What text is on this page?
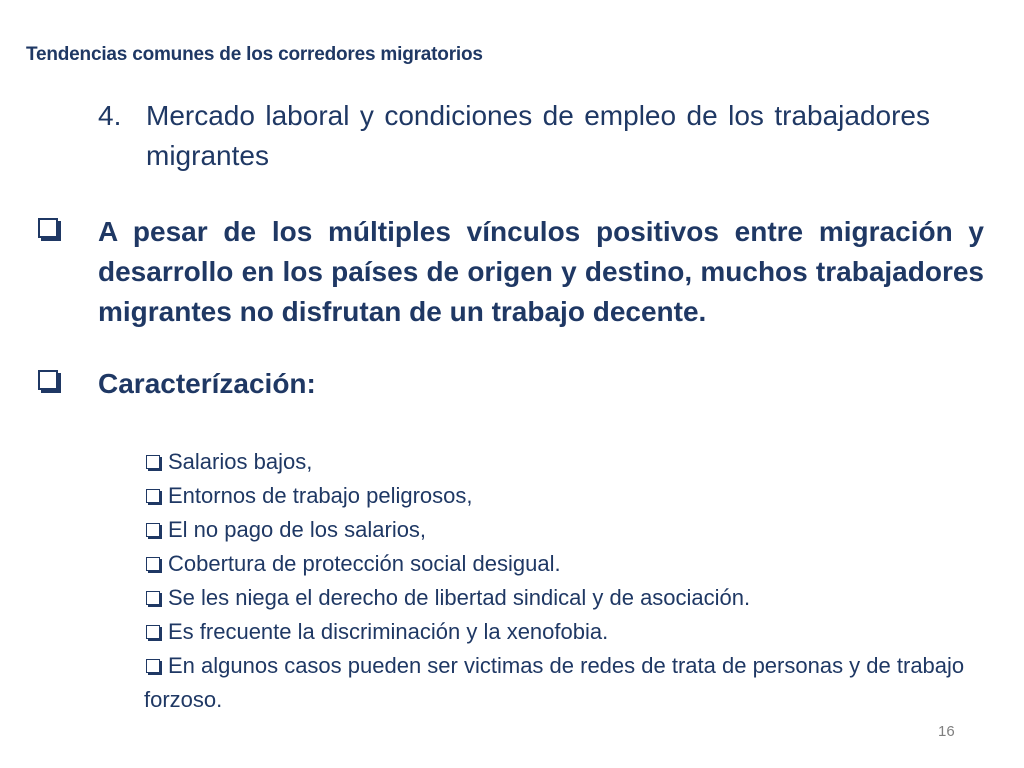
Tendencias comunes de los corredores migratorios
4. Mercado laboral y condiciones de empleo de los trabajadores migrantes
A pesar de los múltiples vínculos positivos entre migración y desarrollo en los países de origen y destino, muchos trabajadores migrantes no disfrutan de un trabajo decente.
Caracterízación:
Salarios bajos,
Entornos de trabajo peligrosos,
El no pago de los salarios,
Cobertura de protección social desigual.
Se les niega el derecho de libertad sindical y de asociación.
Es frecuente la discriminación y la xenofobia.
En algunos casos pueden ser victimas de redes de trata de personas y de trabajo forzoso.
16
